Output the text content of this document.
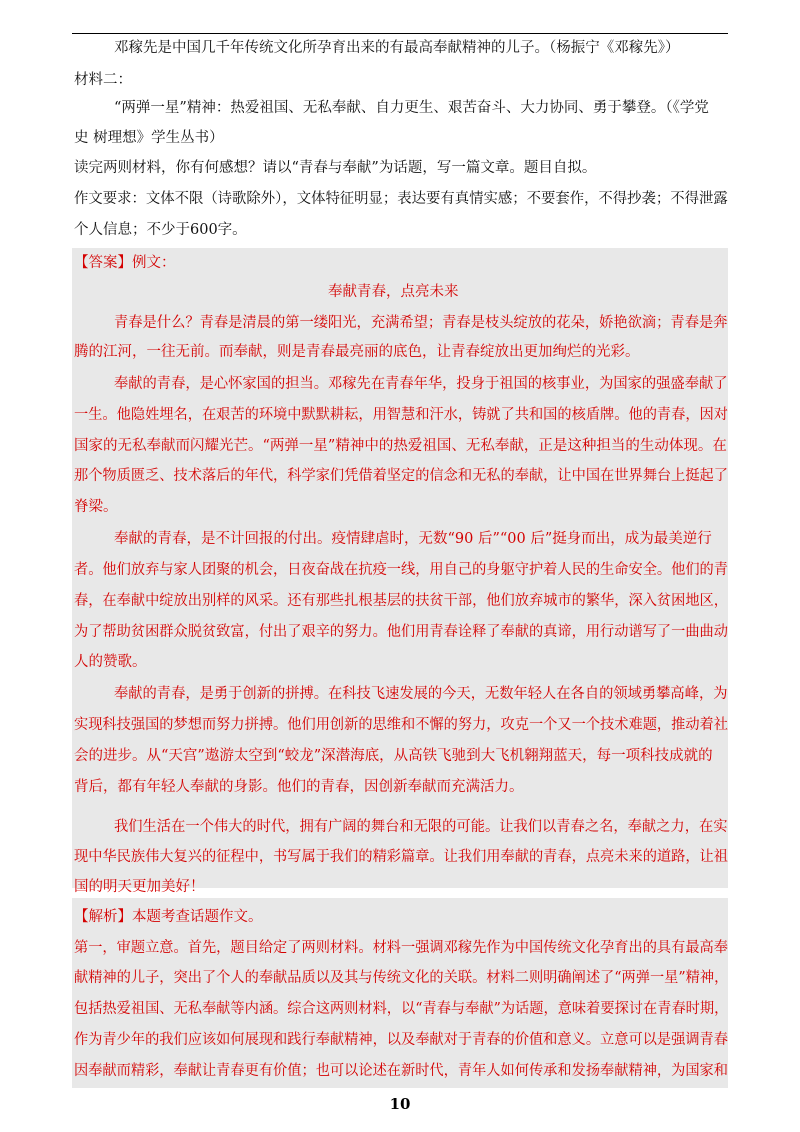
邓稼先是中国几千年传统文化所孕育出来的有最高奉献精神的儿子。（杨振宁《邓稼先》）
材料二：
“两弹一星”精神：热爱祖国、无私奉献、自力更生、艰苦奋斗、大力协同、勇于攀登。（《学党
史 树理想》学生丛书）
读完两则材料，你有何感想？请以“青春与奉献”为话题，写一篇文章。题目自拟。
作文要求：文体不限（诗歌除外），文体特征明显；表达要有真情实感；不要套作，不得抄袭；不得泄露
个人信息；不少于600字。
【答案】例文：
奉献青春，点亮未来
青春是什么？青春是清晨的第一缕阳光，充满希望；青春是枝头绽放的花朵，娇艳欲滴；青春是奔
腾的江河，一往无前。而奉献，则是青春最亮丽的底色，让青春绽放出更加绚烂的光彩。
奉献的青春，是心怀家国的担当。邓稼先在青春年华，投身于祖国的核事业，为国家的强盛奉献了
一生。他隐姓埋名，在艰苦的环境中默默耕耘，用智慧和汗水，铸就了共和国的核盾牌。他的青春，因对
国家的无私奉献而闪耀光芒。“两弹一星”精神中的热爱祖国、无私奉献，正是这种担当的生动体现。在
那个物质匮乏、技术落后的年代，科学家们凭借着坚定的信念和无私的奉献，让中国在世界舞台上挺起了
脊梁。
奉献的青春，是不计回报的付出。疫情肆虐时，无数“90 后”“00 后”挺身而出，成为最美逆行
者。他们放弃与家人团聚的机会，日夜奋战在抗疫一线，用自己的身躯守护着人民的生命安全。他们的青
春，在奉献中绽放出别样的风采。还有那些扎根基层的扶贫干部，他们放弃城市的繁华，深入贫困地区，
为了帮助贫困群众脱贫致富，付出了艰辛的努力。他们用青春诠释了奉献的真谛，用行动谱写了一曲曲动
人的赞歌。
奉献的青春，是勇于创新的拼搏。在科技飞速发展的今天，无数年轻人在各自的领域勇攀高峰，为
实现科技强国的梦想而努力拼搏。他们用创新的思维和不懈的努力，攻克一个又一个技术难题，推动着社
会的进步。从“天宫”遨游太空到“蛟龙”深潜海底，从高铁飞驰到大飞机翱翔蓝天，每一项科技成就的
背后，都有年轻人奉献的身影。他们的青春，因创新奉献而充满活力。
我们生活在一个伟大的时代，拥有广阔的舞台和无限的可能。让我们以青春之名，奉献之力，在实
现中华民族伟大复兴的征程中，书写属于我们的精彩篇章。让我们用奉献的青春，点亮未来的道路，让祖
国的明天更加美好！
【解析】本题考查话题作文。
第一，审题立意。首先，题目给定了两则材料。材料一强调邓稼先作为中国传统文化孕育出的具有最高奉
献精神的儿子，突出了个人的奉献品质以及其与传统文化的关联。材料二则明确阐述了“两弹一星”精神，
包括热爱祖国、无私奉献等内涵。综合这两则材料，以“青春与奉献”为话题，意味着要探讨在青春时期，
作为青少年的我们应该如何展现和践行奉献精神，以及奉献对于青春的价值和意义。立意可以是强调青春
因奉献而精彩，奉献让青春更有价值；也可以论述在新时代，青年人如何传承和发扬奉献精神，为国家和
10
